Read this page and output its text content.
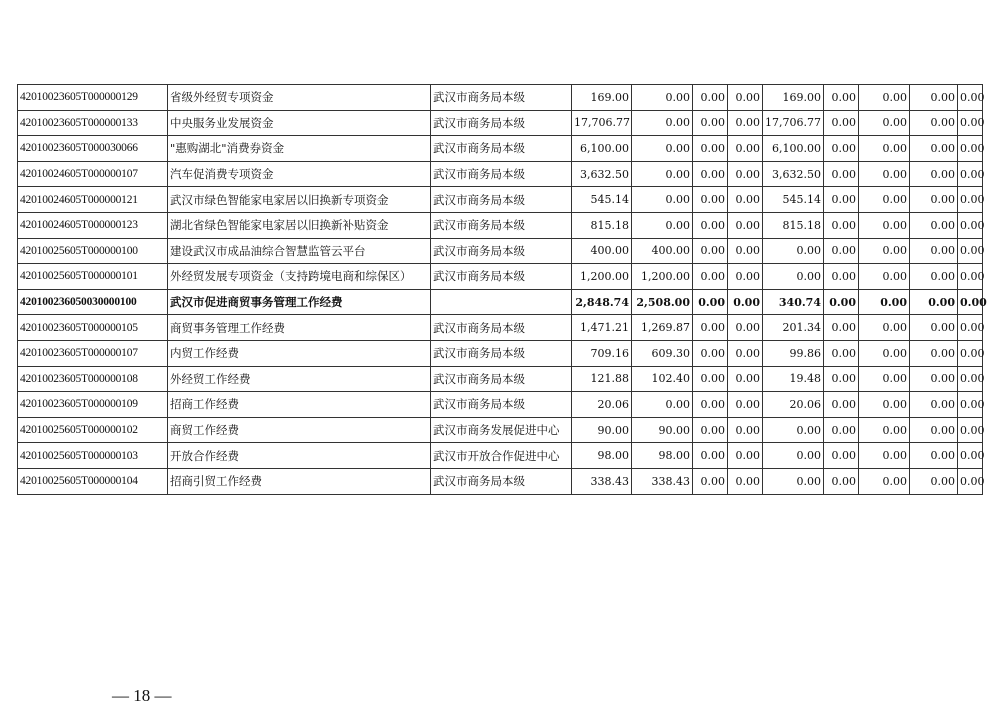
42010023605T000000129	省级外经贸专项资金	武汉市商务局本级	169.00	0.00	0.00	0.00	169.00	0.00	0.00	0.00	0.00
42010023605T000000133	中央服务业发展资金	武汉市商务局本级	17,706.77	0.00	0.00	0.00	17,706.77	0.00	0.00	0.00	0.00
42010023605T000030066	"惠购湖北"消费券资金	武汉市商务局本级	6,100.00	0.00	0.00	0.00	6,100.00	0.00	0.00	0.00	0.00
42010024605T000000107	汽车促消费专项资金	武汉市商务局本级	3,632.50	0.00	0.00	0.00	3,632.50	0.00	0.00	0.00	0.00
42010024605T000000121	武汉市绿色智能家电家居以旧换新专项资金	武汉市商务局本级	545.14	0.00	0.00	0.00	545.14	0.00	0.00	0.00	0.00
42010024605T000000123	湖北省绿色智能家电家居以旧换新补贴资金	武汉市商务局本级	815.18	0.00	0.00	0.00	815.18	0.00	0.00	0.00	0.00
42010025605T000000100	建设武汉市成品油综合智慧监管云平台	武汉市商务局本级	400.00	400.00	0.00	0.00	0.00	0.00	0.00	0.00	0.00
42010025605T000000101	外经贸发展专项资金（支持跨境电商和综保区）	武汉市商务局本级	1,200.00	1,200.00	0.00	0.00	0.00	0.00	0.00	0.00	0.00
420100236050030000100	武汉市促进商贸事务管理工作经费		2,848.74	2,508.00	0.00	0.00	340.74	0.00	0.00	0.00	0.00
42010023605T000000105	商贸事务管理工作经费	武汉市商务局本级	1,471.21	1,269.87	0.00	0.00	201.34	0.00	0.00	0.00	0.00
42010023605T000000107	内贸工作经费	武汉市商务局本级	709.16	609.30	0.00	0.00	99.86	0.00	0.00	0.00	0.00
42010023605T000000108	外经贸工作经费	武汉市商务局本级	121.88	102.40	0.00	0.00	19.48	0.00	0.00	0.00	0.00
42010023605T000000109	招商工作经费	武汉市商务局本级	20.06	0.00	0.00	0.00	20.06	0.00	0.00	0.00	0.00
42010025605T000000102	商贸工作经费	武汉市商务发展促进中心	90.00	90.00	0.00	0.00	0.00	0.00	0.00	0.00	0.00
42010025605T000000103	开放合作经费	武汉市开放合作促进中心	98.00	98.00	0.00	0.00	0.00	0.00	0.00	0.00	0.00
42010025605T000000104	招商引贸工作经费	武汉市商务局本级	338.43	338.43	0.00	0.00	0.00	0.00	0.00	0.00	0.00
— 18 —
